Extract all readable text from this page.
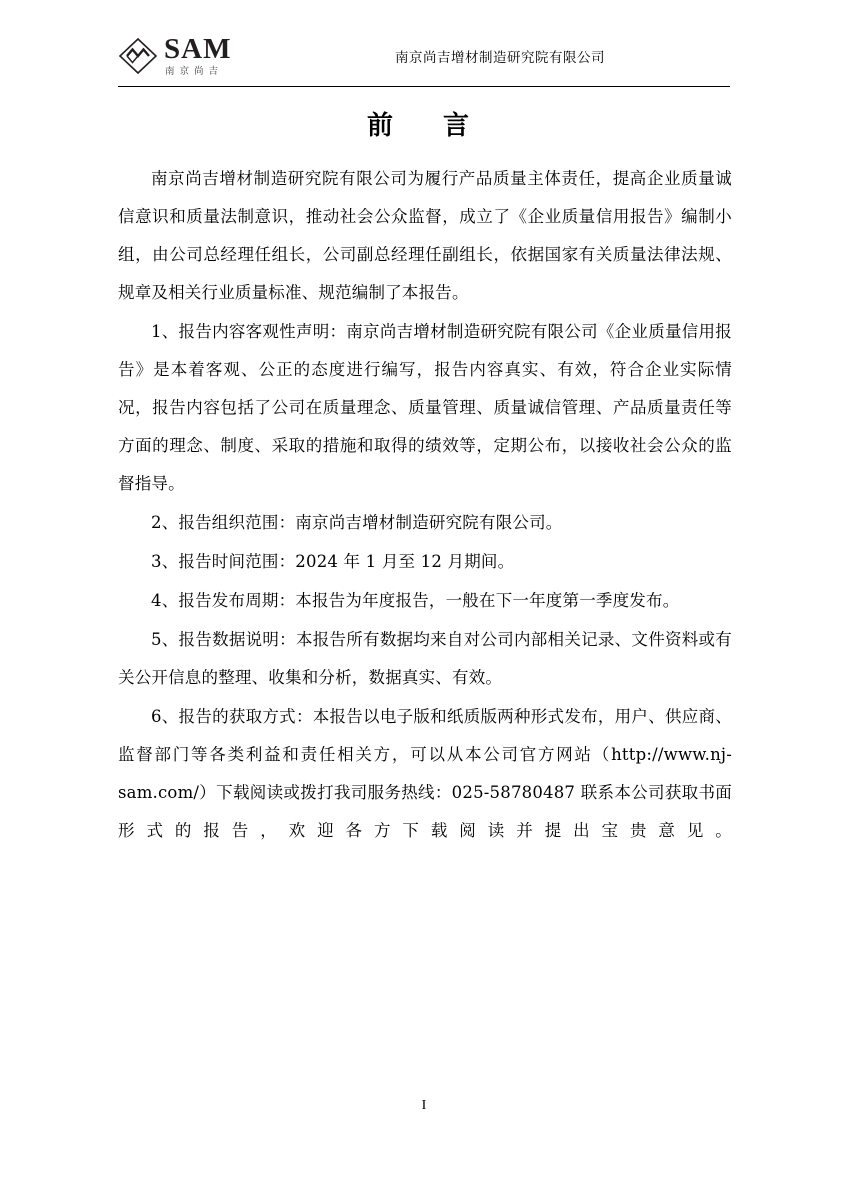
SAM
南京尚吉
南京尚吉增材制造研究院有限公司
前　言

南京尚吉增材制造研究院有限公司为履行产品质量主体责任，提高企业质量诚信意识和质量法制意识，推动社会公众监督，成立了《企业质量信用报告》编制小组，由公司总经理任组长，公司副总经理任副组长，依据国家有关质量法律法规、规章及相关行业质量标准、规范编制了本报告。

1、报告内容客观性声明：南京尚吉增材制造研究院有限公司《企业质量信用报告》是本着客观、公正的态度进行编写，报告内容真实、有效，符合企业实际情况，报告内容包括了公司在质量理念、质量管理、质量诚信管理、产品质量责任等方面的理念、制度、采取的措施和取得的绩效等，定期公布，以接收社会公众的监督指导。

2、报告组织范围：南京尚吉增材制造研究院有限公司。

3、报告时间范围：2024 年 1 月至 12 月期间。

4、报告发布周期：本报告为年度报告，一般在下一年度第一季度发布。

5、报告数据说明：本报告所有数据均来自对公司内部相关记录、文件资料或有关公开信息的整理、收集和分析，数据真实、有效。

6、报告的获取方式：本报告以电子版和纸质版两种形式发布，用户、供应商、监督部门等各类利益和责任相关方，可以从本公司官方网站（http://www.nj-sam.com/）下载阅读或拨打我司服务热线：025-58780487 联系本公司获取书面形式的报告，欢迎各方下载阅读并提出宝贵意见。

I
